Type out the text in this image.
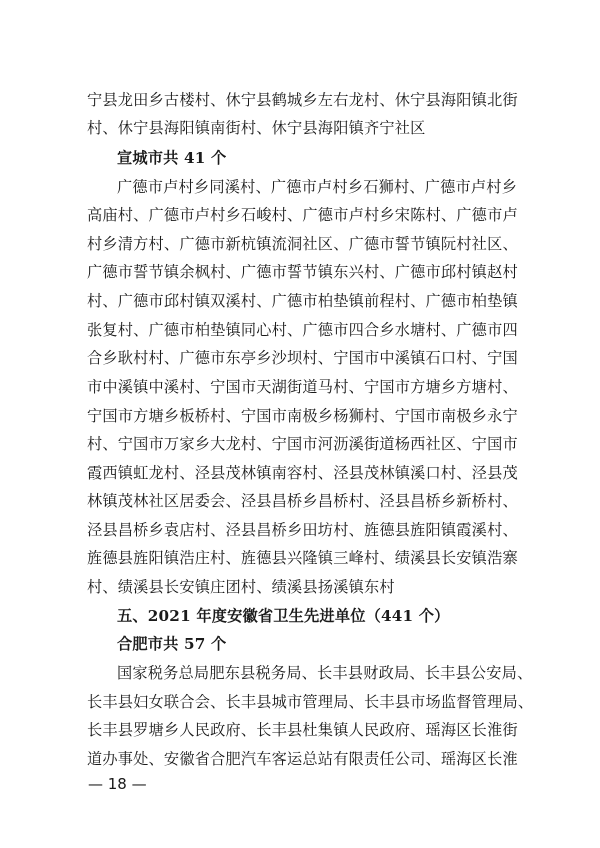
宁县龙田乡古楼村、休宁县鹤城乡左右龙村、休宁县海阳镇北街
村、休宁县海阳镇南街村、休宁县海阳镇齐宁社区
宣城市共 41 个
广德市卢村乡同溪村、广德市卢村乡石狮村、广德市卢村乡
高庙村、广德市卢村乡石峻村、广德市卢村乡宋陈村、广德市卢
村乡清方村、广德市新杭镇流洞社区、广德市誓节镇阮村社区、
广德市誓节镇余枫村、广德市誓节镇东兴村、广德市邱村镇赵村
村、广德市邱村镇双溪村、广德市柏垫镇前程村、广德市柏垫镇
张复村、广德市柏垫镇同心村、广德市四合乡水塘村、广德市四
合乡耿村村、广德市东亭乡沙坝村、宁国市中溪镇石口村、宁国
市中溪镇中溪村、宁国市天湖街道马村、宁国市方塘乡方塘村、
宁国市方塘乡板桥村、宁国市南极乡杨狮村、宁国市南极乡永宁
村、宁国市万家乡大龙村、宁国市河沥溪街道杨西社区、宁国市
霞西镇虹龙村、泾县茂林镇南容村、泾县茂林镇溪口村、泾县茂
林镇茂林社区居委会、泾县昌桥乡昌桥村、泾县昌桥乡新桥村、
泾县昌桥乡袁店村、泾县昌桥乡田坊村、旌德县旌阳镇霞溪村、
旌德县旌阳镇浩庄村、旌德县兴隆镇三峰村、绩溪县长安镇浩寨
村、绩溪县长安镇庄团村、绩溪县扬溪镇东村
五、2021 年度安徽省卫生先进单位（441 个）
合肥市共 57 个
国家税务总局肥东县税务局、长丰县财政局、长丰县公安局、
长丰县妇女联合会、长丰县城市管理局、长丰县市场监督管理局、
长丰县罗塘乡人民政府、长丰县杜集镇人民政府、瑶海区长淮街
道办事处、安徽省合肥汽车客运总站有限责任公司、瑶海区长淮
— 18 —
